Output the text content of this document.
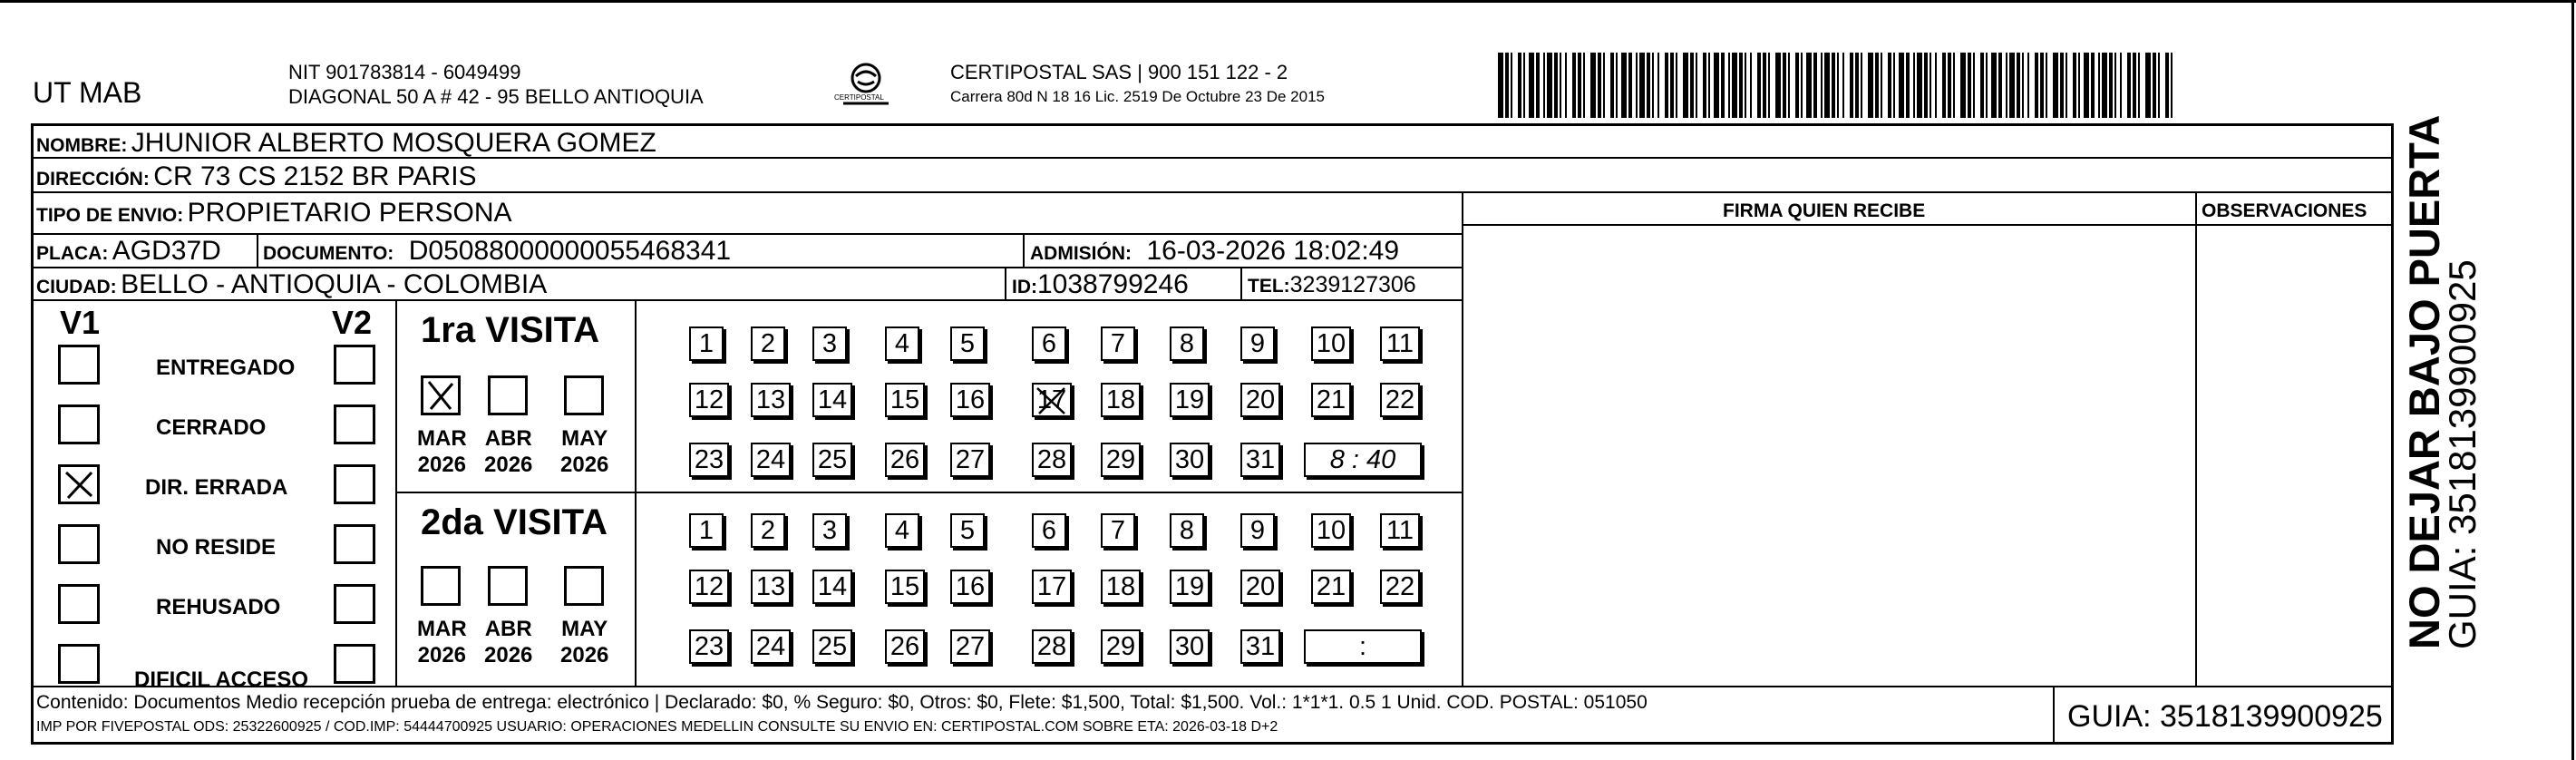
UT MAB
NIT 901783814 - 6049499
DIAGONAL 50 A # 42 - 95 BELLO ANTIOQUIA	CERTIPOSTAL
CERTIPOSTAL SAS | 900 151 122 - 2
Carrera 80d N 18 16 Lic. 2519 De Octubre 23 De 2015
NOMBRE: JHUNIOR ALBERTO MOSQUERA GOMEZ
DIRECCIÓN: CR 73 CS 2152 BR PARIS
TIPO DE ENVIO: PROPIETARIO PERSONA
PLACA: AGD37D DOCUMENTO: D05088000000055468341	ADMISIÓN: 16-03-2026 18:02:49
CIUDAD: BELLO - ANTIOQUIA - COLOMBIA	ID:1038799246	TEL:3239127306
FIRMA QUIEN RECIBE	OBSERVACIONES
V1	V2
ENTREGADO
CERRADO
DIR. ERRADA
NO RESIDE
REHUSADO
DIFICIL ACCESO
1ra VISITA
2da VISITA
MAR
2026
ABR
2026
MAY
2026
MAR
2026
ABR
2026
MAY
2026
1	2	3	4	5	6	7	8	9	10 11
12 13 14 15 16 17 18 19 20 21 22
23 24 25 26 27 28 29 30 31	8 : 40
1	2	3	4	5	6	7	8	9	10 11
12 13 14 15 16 17 18 19 20 21 22
23 24 25 26 27 28 29 30 31	:
Contenido: Documentos Medio recepción prueba de entrega: electrónico | Declarado: $0, % Seguro: $0, Otros: $0, Flete: $1,500, Total: $1,500. Vol.: 1*1*1. 0.5 1 Unid. COD. POSTAL: 051050
IMP POR FIVEPOSTAL ODS: 25322600925 / COD.IMP: 54444700925 USUARIO: OPERACIONES MEDELLIN CONSULTE SU ENVIO EN: CERTIPOSTAL.COM SOBRE ETA: 2026-03-18 D+2	GUIA: 3518139900925
NO DEJAR BAJO PUERTA
GUIA: 3518139900925
